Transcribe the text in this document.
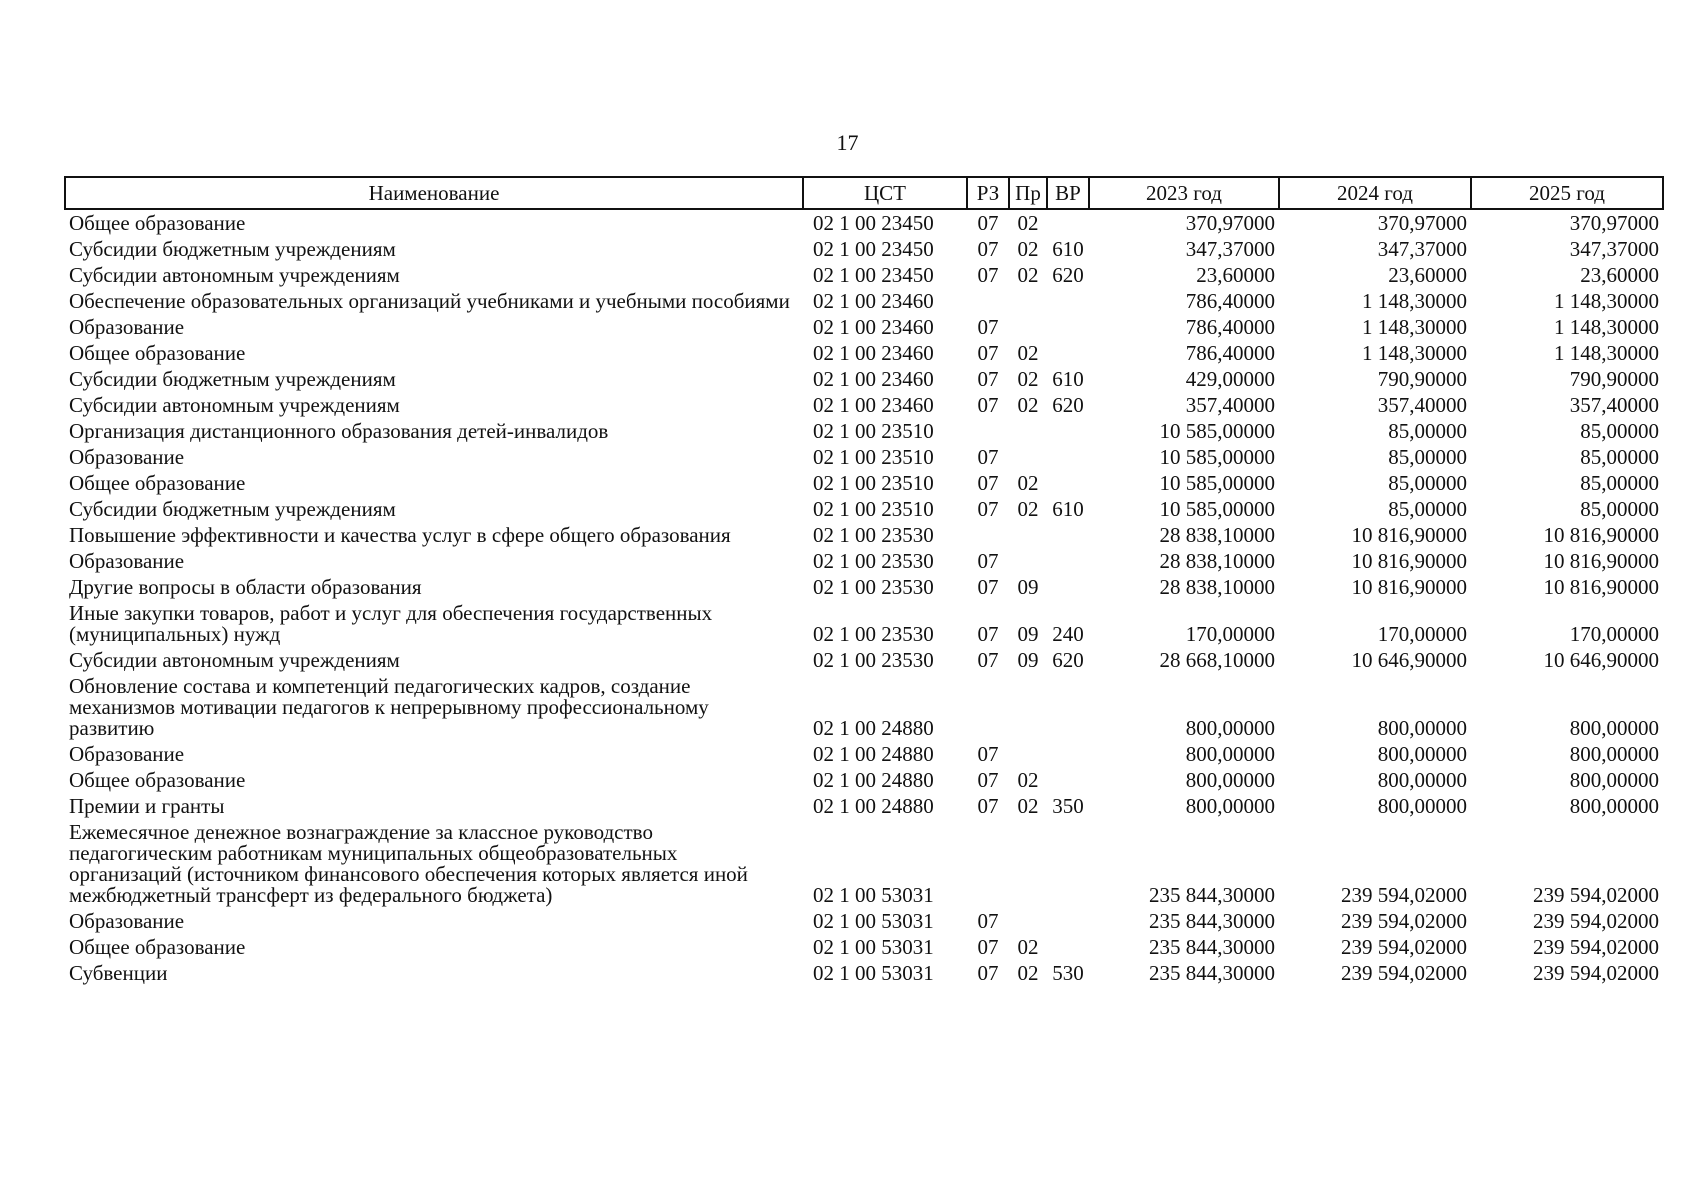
17
Наименование	ЦСТ	РЗ	Пр	ВР	2023 год	2024 год	2025 год

Общее образование	02 1 00 23450	07	02		370,97000	370,97000	370,97000

Субсидии бюджетным учреждениям	02 1 00 23450	07	02	610	347,37000	347,37000	347,37000

Субсидии автономным учреждениям	02 1 00 23450	07	02	620	23,60000	23,60000	23,60000

Обеспечение образовательных организаций учебниками и учебными пособиями	02 1 00 23460				786,40000	1 148,30000	1 148,30000

Образование	02 1 00 23460	07			786,40000	1 148,30000	1 148,30000

Общее образование	02 1 00 23460	07	02		786,40000	1 148,30000	1 148,30000

Субсидии бюджетным учреждениям	02 1 00 23460	07	02	610	429,00000	790,90000	790,90000

Субсидии автономным учреждениям	02 1 00 23460	07	02	620	357,40000	357,40000	357,40000

Организация дистанционного образования детей-инвалидов	02 1 00 23510				10 585,00000	85,00000	85,00000

Образование	02 1 00 23510	07			10 585,00000	85,00000	85,00000

Общее образование	02 1 00 23510	07	02		10 585,00000	85,00000	85,00000

Субсидии бюджетным учреждениям	02 1 00 23510	07	02	610	10 585,00000	85,00000	85,00000

Повышение эффективности и качества услуг в сфере общего образования	02 1 00 23530				28 838,10000	10 816,90000	10 816,90000

Образование	02 1 00 23530	07			28 838,10000	10 816,90000	10 816,90000

Другие вопросы в области образования	02 1 00 23530	07	09		28 838,10000	10 816,90000	10 816,90000

Иные закупки товаров, работ и услуг для обеспечения государственных (муниципальных) нужд	02 1 00 23530	07	09	240	170,00000	170,00000	170,00000

Субсидии автономным учреждениям	02 1 00 23530	07	09	620	28 668,10000	10 646,90000	10 646,90000

Обновление состава и компетенций педагогических кадров, создание механизмов мотивации педагогов к непрерывному профессиональному развитию	02 1 00 24880				800,00000	800,00000	800,00000

Образование	02 1 00 24880	07			800,00000	800,00000	800,00000

Общее образование	02 1 00 24880	07	02		800,00000	800,00000	800,00000

Премии и гранты	02 1 00 24880	07	02	350	800,00000	800,00000	800,00000

Ежемесячное денежное вознаграждение за классное руководство педагогическим работникам муниципальных общеобразовательных организаций (источником финансового обеспечения которых является иной межбюджетный трансферт из федерального бюджета)	02 1 00 53031				235 844,30000	239 594,02000	239 594,02000

Образование	02 1 00 53031	07			235 844,30000	239 594,02000	239 594,02000

Общее образование	02 1 00 53031	07	02		235 844,30000	239 594,02000	239 594,02000

Субвенции	02 1 00 53031	07	02	530	235 844,30000	239 594,02000	239 594,02000
